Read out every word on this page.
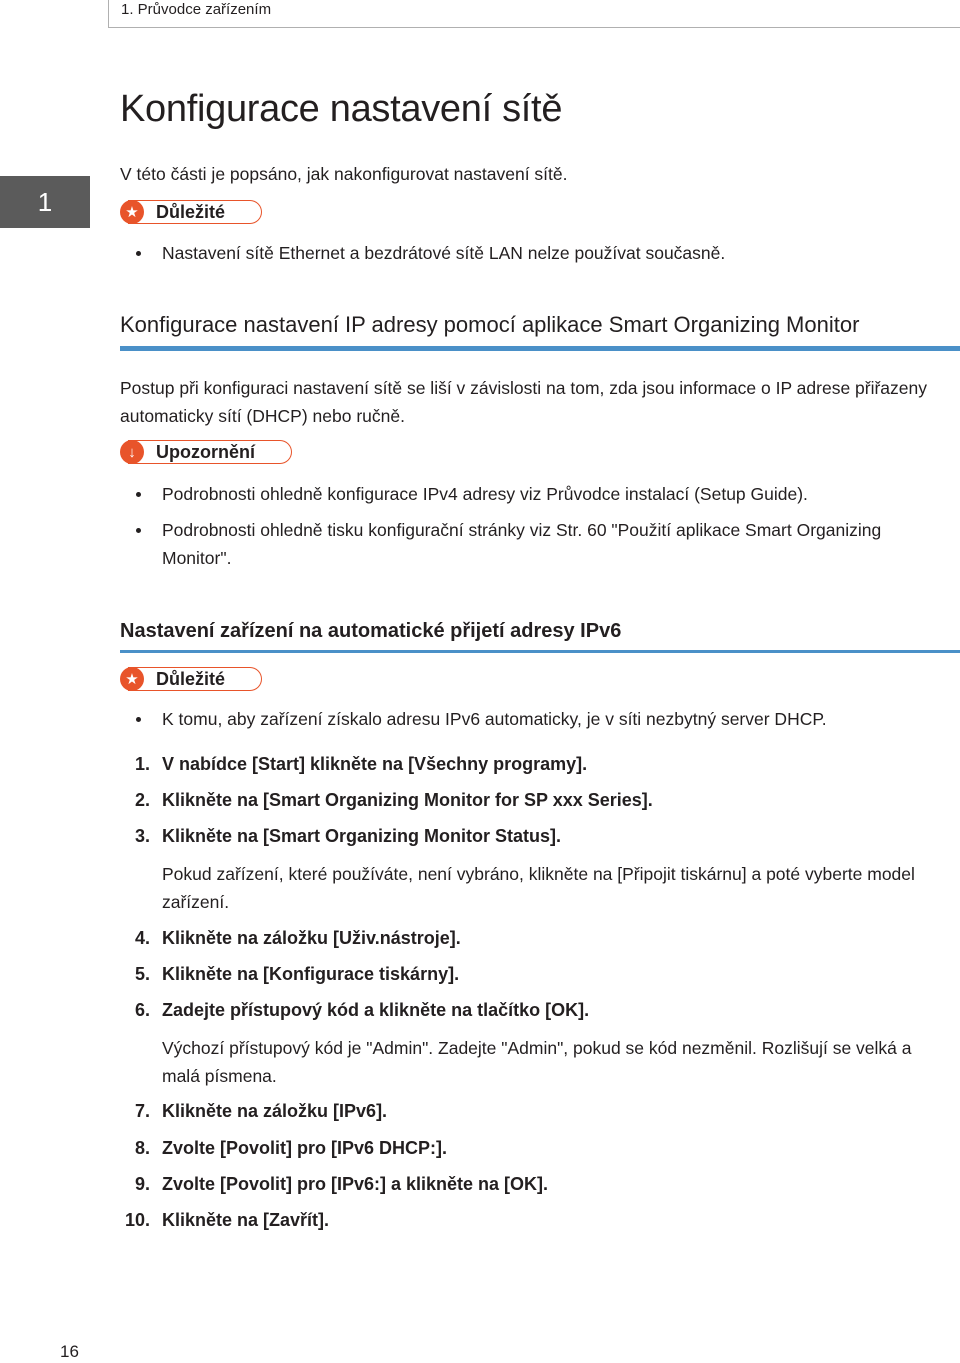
1. Průvodce zařízením
1
Konfigurace nastavení sítě

V této části je popsáno, jak nakonfigurovat nastavení sítě.

★ Důležité
Nastavení sítě Ethernet a bezdrátové sítě LAN nelze používat současně.
Konfigurace nastavení IP adresy pomocí aplikace Smart Organizing Monitor

Postup při konfiguraci nastavení sítě se liší v závislosti na tom, zda jsou informace o IP adrese přiřazeny automaticky sítí (DHCP) nebo ručně.

↓	Upozornění
Podrobnosti ohledně konfigurace IPv4 adresy viz Průvodce instalací (Setup Guide).
Podrobnosti ohledně tisku konfigurační stránky viz Str. 60 "Použití aplikace Smart Organizing Monitor".
Nastavení zařízení na automatické přijetí adresy IPv6
★ Důležité
K tomu, aby zařízení získalo adresu IPv6 automaticky, je v síti nezbytný server DHCP.
1. V nabídce [Start] klikněte na [Všechny programy].
2. Klikněte na [Smart Organizing Monitor for SP xxx Series].
3. Klikněte na [Smart Organizing Monitor Status].

Pokud zařízení, které používáte, není vybráno, klikněte na [Připojit tiskárnu] a poté vyberte model zařízení.

4. Klikněte na záložku [Uživ.nástroje].
5. Klikněte na [Konfigurace tiskárny].
6. Zadejte přístupový kód a klikněte na tlačítko [OK].

Výchozí přístupový kód je "Admin". Zadejte "Admin", pokud se kód nezměnil. Rozlišují se velká a malá písmena.

7. Klikněte na záložku [IPv6].
8. Zvolte [Povolit] pro [IPv6 DHCP:].
9. Zvolte [Povolit] pro [IPv6:] a klikněte na [OK].
10. Klikněte na [Zavřít].
16
